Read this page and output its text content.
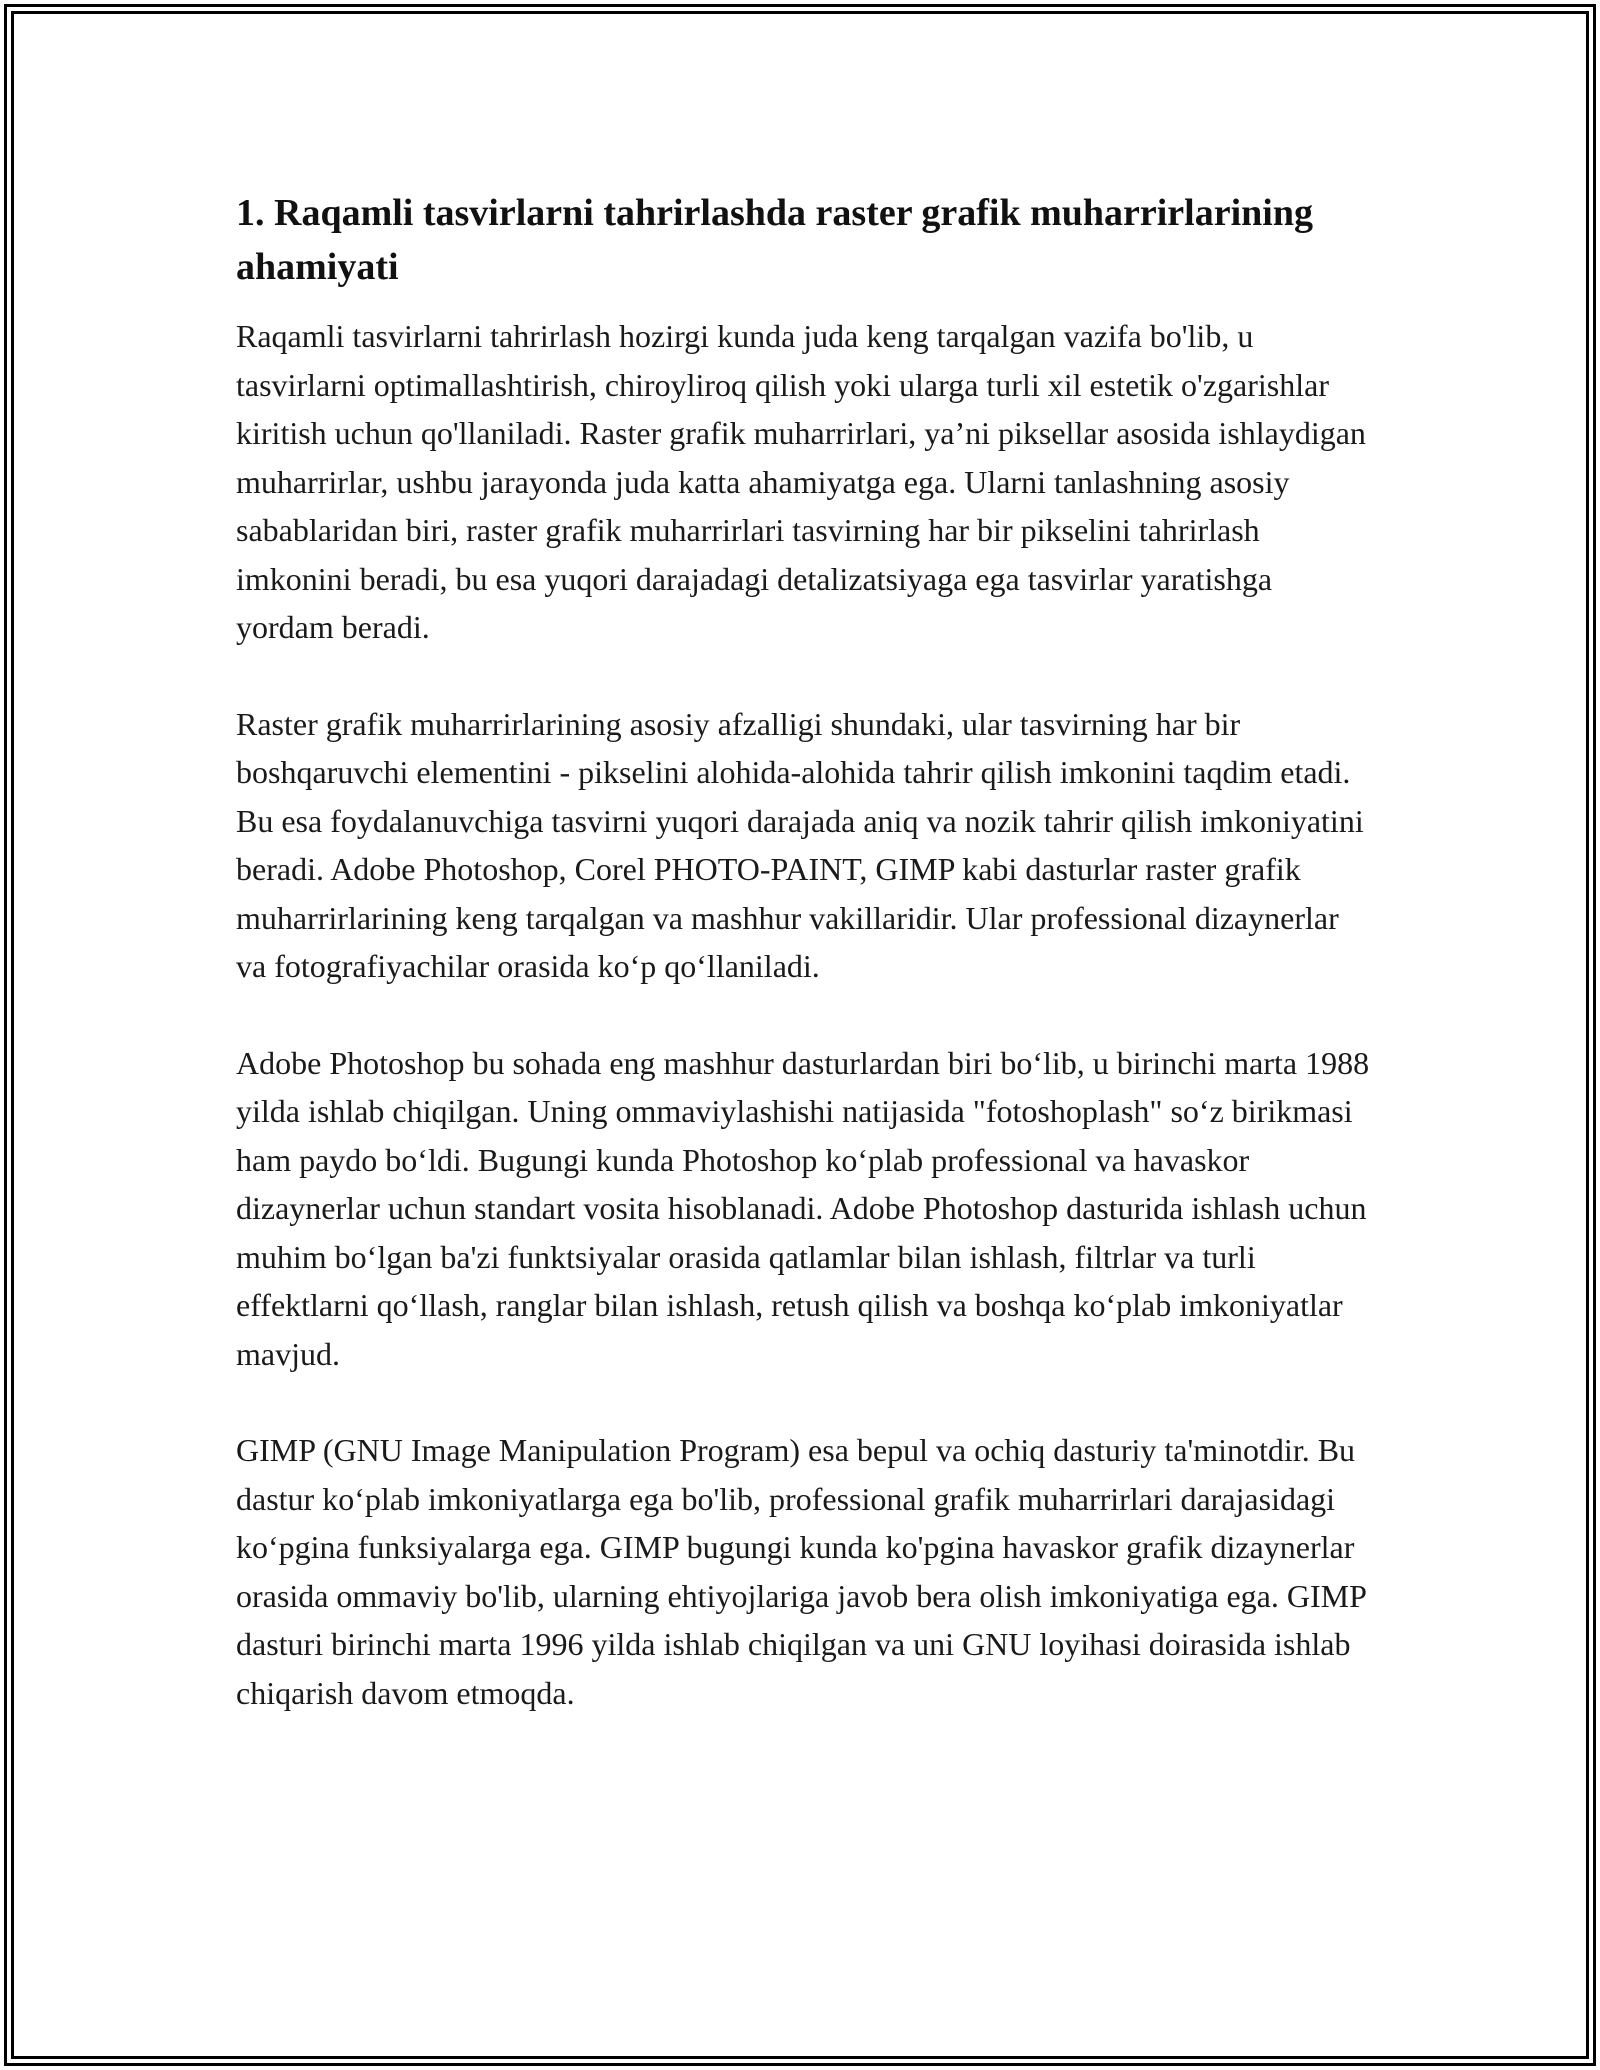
1. Raqamli tasvirlarni tahrirlashda raster grafik muharrirlarining ahamiyati

Raqamli tasvirlarni tahrirlash hozirgi kunda juda keng tarqalgan vazifa bo'lib, u tasvirlarni optimallashtirish, chiroyliroq qilish yoki ularga turli xil estetik o'zgarishlar kiritish uchun qo'llaniladi. Raster grafik muharrirlari, ya’ni piksellar asosida ishlaydigan muharrirlar, ushbu jarayonda juda katta ahamiyatga ega. Ularni tanlashning asosiy sabablaridan biri, raster grafik muharrirlari tasvirning har bir pikselini tahrirlash imkonini beradi, bu esa yuqori darajadagi detalizatsiyaga ega tasvirlar yaratishga yordam beradi.

Raster grafik muharrirlarining asosiy afzalligi shundaki, ular tasvirning har bir boshqaruvchi elementini - pikselini alohida-alohida tahrir qilish imkonini taqdim etadi. Bu esa foydalanuvchiga tasvirni yuqori darajada aniq va nozik tahrir qilish imkoniyatini beradi. Adobe Photoshop, Corel PHOTO-PAINT, GIMP kabi dasturlar raster grafik muharrirlarining keng tarqalgan va mashhur vakillaridir. Ular professional dizaynerlar va fotografiyachilar orasida ko‘p qo‘llaniladi.

Adobe Photoshop bu sohada eng mashhur dasturlardan biri bo‘lib, u birinchi marta 1988 yilda ishlab chiqilgan. Uning ommaviylashishi natijasida "fotoshoplash" so‘z birikmasi ham paydo bo‘ldi. Bugungi kunda Photoshop ko‘plab professional va havaskor dizaynerlar uchun standart vosita hisoblanadi. Adobe Photoshop dasturida ishlash uchun muhim bo‘lgan ba'zi funktsiyalar orasida qatlamlar bilan ishlash, filtrlar va turli effektlarni qo‘llash, ranglar bilan ishlash, retush qilish va boshqa ko‘plab imkoniyatlar mavjud.

GIMP (GNU Image Manipulation Program) esa bepul va ochiq dasturiy ta'minotdir. Bu dastur ko‘plab imkoniyatlarga ega bo'lib, professional grafik muharrirlari darajasidagi ko‘pgina funksiyalarga ega. GIMP bugungi kunda ko'pgina havaskor grafik dizaynerlar orasida ommaviy bo'lib, ularning ehtiyojlariga javob bera olish imkoniyatiga ega. GIMP dasturi birinchi marta 1996 yilda ishlab chiqilgan va uni GNU loyihasi doirasida ishlab chiqarish davom etmoqda.
